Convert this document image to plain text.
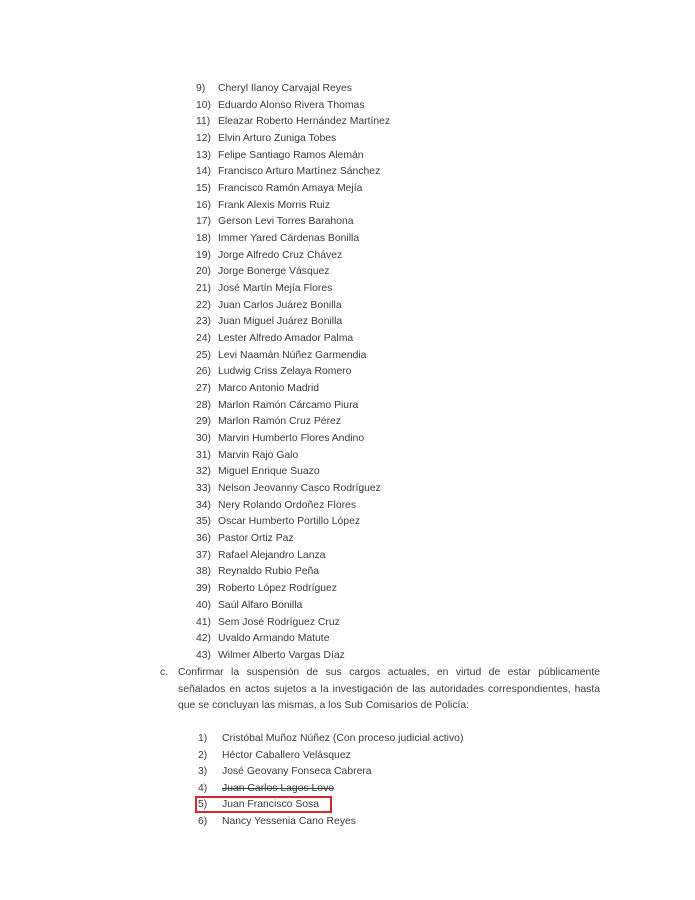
9) Cheryl Ilanoy Carvajal Reyes
10) Eduardo Alonso Rivera Thomas
11) Eleazar Roberto Hernández Martínez
12) Elvin Arturo Zuniga Tobes
13) Felipe Santiago Ramos Alemán
14) Francisco Arturo Martínez Sánchez
15) Francisco Ramón Amaya Mejía
16) Frank Alexis Morris Ruiz
17) Gerson Levi Torres Barahona
18) Immer Yared Cárdenas Bonilla
19) Jorge Alfredo Cruz Chávez
20) Jorge Bonerge Vásquez
21) José Martín Mejía Flores
22) Juan Carlos Juárez Bonilla
23) Juan Miguel Juárez Bonilla
24) Lester Alfredo Amador Palma
25) Levi Naamán Núñez Garmendia
26) Ludwig Criss Zelaya Romero
27) Marco Antonio Madrid
28) Marlon Ramón Cárcamo Piura
29) Marlon Ramón Cruz Pérez
30) Marvin Humberto Flores Andino
31) Marvin Rajo Galo
32) Miguel Enrique Suazo
33) Nelson Jeovanny Casco Rodríguez
34) Nery Rolando Ordoñez Flores
35) Oscar Humberto Portillo López
36) Pastor Ortiz Paz
37) Rafael Alejandro Lanza
38) Reynaldo Rubio Peña
39) Roberto López Rodríguez
40) Saúl Alfaro Bonilla
41) Sem José Rodríguez Cruz
42) Uvaldo Armando Matute
43) Wilmer Alberto Vargas Díaz
c. Confirmar la suspensión de sus cargos actuales, en virtud de estar públicamente señalados en actos sujetos a la investigación de las autoridades correspondientes, hasta que se concluyan las mismas, a los Sub Comisarios de Policía:
1) Cristóbal Muñoz Núñez (Con proceso judicial activo)
2) Héctor Caballero Velásquez
3) José Geovany Fonseca Cabrera
4) Juan Carlos Lagos Lovo
5) Juan Francisco Sosa
6) Nancy Yessenia Cano Reyes
